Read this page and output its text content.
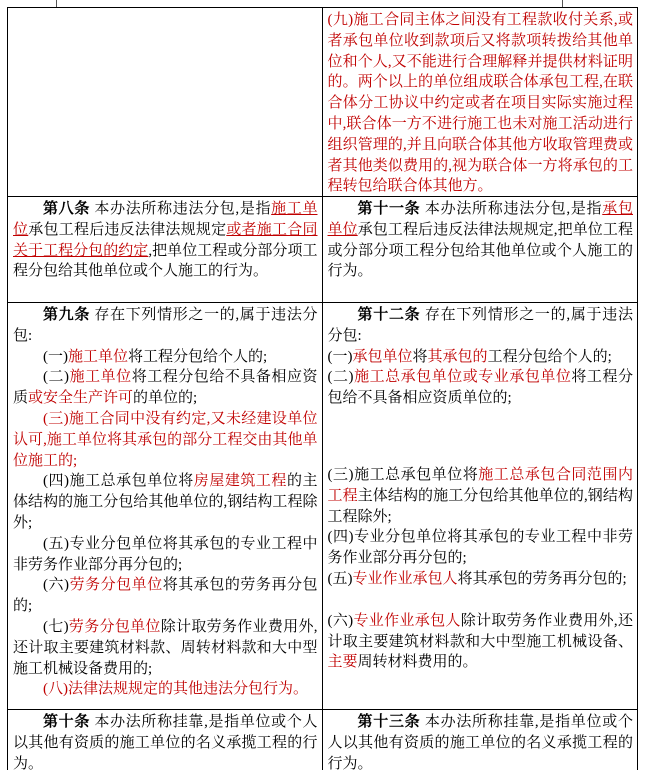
(九)施工合同主体之间没有工程款收付关系,或者承包单位收到款项后又将款项转拨给其他单位和个人,又不能进行合理解释并提供材料证明的。两个以上的单位组成联合体承包工程,在联合体分工协议中约定或者在项目实际实施过程中,联合体一方不进行施工也未对施工活动进行组织管理的,并且向联合体其他方收取管理费或者其他类似费用的,视为联合体一方将承包的工程转包给联合体其他方。

第八条 本办法所称违法分包,是指施工单位承包工程后违反法律法规规定或者施工合同关于工程分包的约定,把单位工程或分部分项工程分包给其他单位或个人施工的行为。

第十一条 本办法所称违法分包,是指承包单位承包工程后违反法律法规规定,把单位工程或分部分项工程分包给其他单位或个人施工的行为。

第九条 存在下列情形之一的,属于违法分包:

(一)施工单位将工程分包给个人的;

(二)施工单位将工程分包给不具备相应资质或安全生产许可的单位的;

(三)施工合同中没有约定,又未经建设单位认可,施工单位将其承包的部分工程交由其他单位施工的;

(四)施工总承包单位将房屋建筑工程的主体结构的施工分包给其他单位的,钢结构工程除外;

(五)专业分包单位将其承包的专业工程中非劳务作业部分再分包的;

(六)劳务分包单位将其承包的劳务再分包的;

(七)劳务分包单位除计取劳务作业费用外,还计取主要建筑材料款、周转材料款和大中型施工机械设备费用的;

(八)法律法规规定的其他违法分包行为。

第十二条 存在下列情形之一的,属于违法分包:

(一)承包单位将其承包的工程分包给个人的;

(二)施工总承包单位或专业承包单位将工程分包给不具备相应资质单位的;

(三)施工总承包单位将施工总承包合同范围内工程主体结构的施工分包给其他单位的,钢结构工程除外;

(四)专业分包单位将其承包的专业工程中非劳务作业部分再分包的;

(五)专业作业承包人将其承包的劳务再分包的;

(六)专业作业承包人除计取劳务作业费用外,还计取主要建筑材料款和大中型施工机械设备、主要周转材料费用的。

第十条 本办法所称挂靠,是指单位或个人以其他有资质的施工单位的名义承揽工程的行为。

第十三条 本办法所称挂靠,是指单位或个人以其他有资质的施工单位的名义承揽工程的行为。
